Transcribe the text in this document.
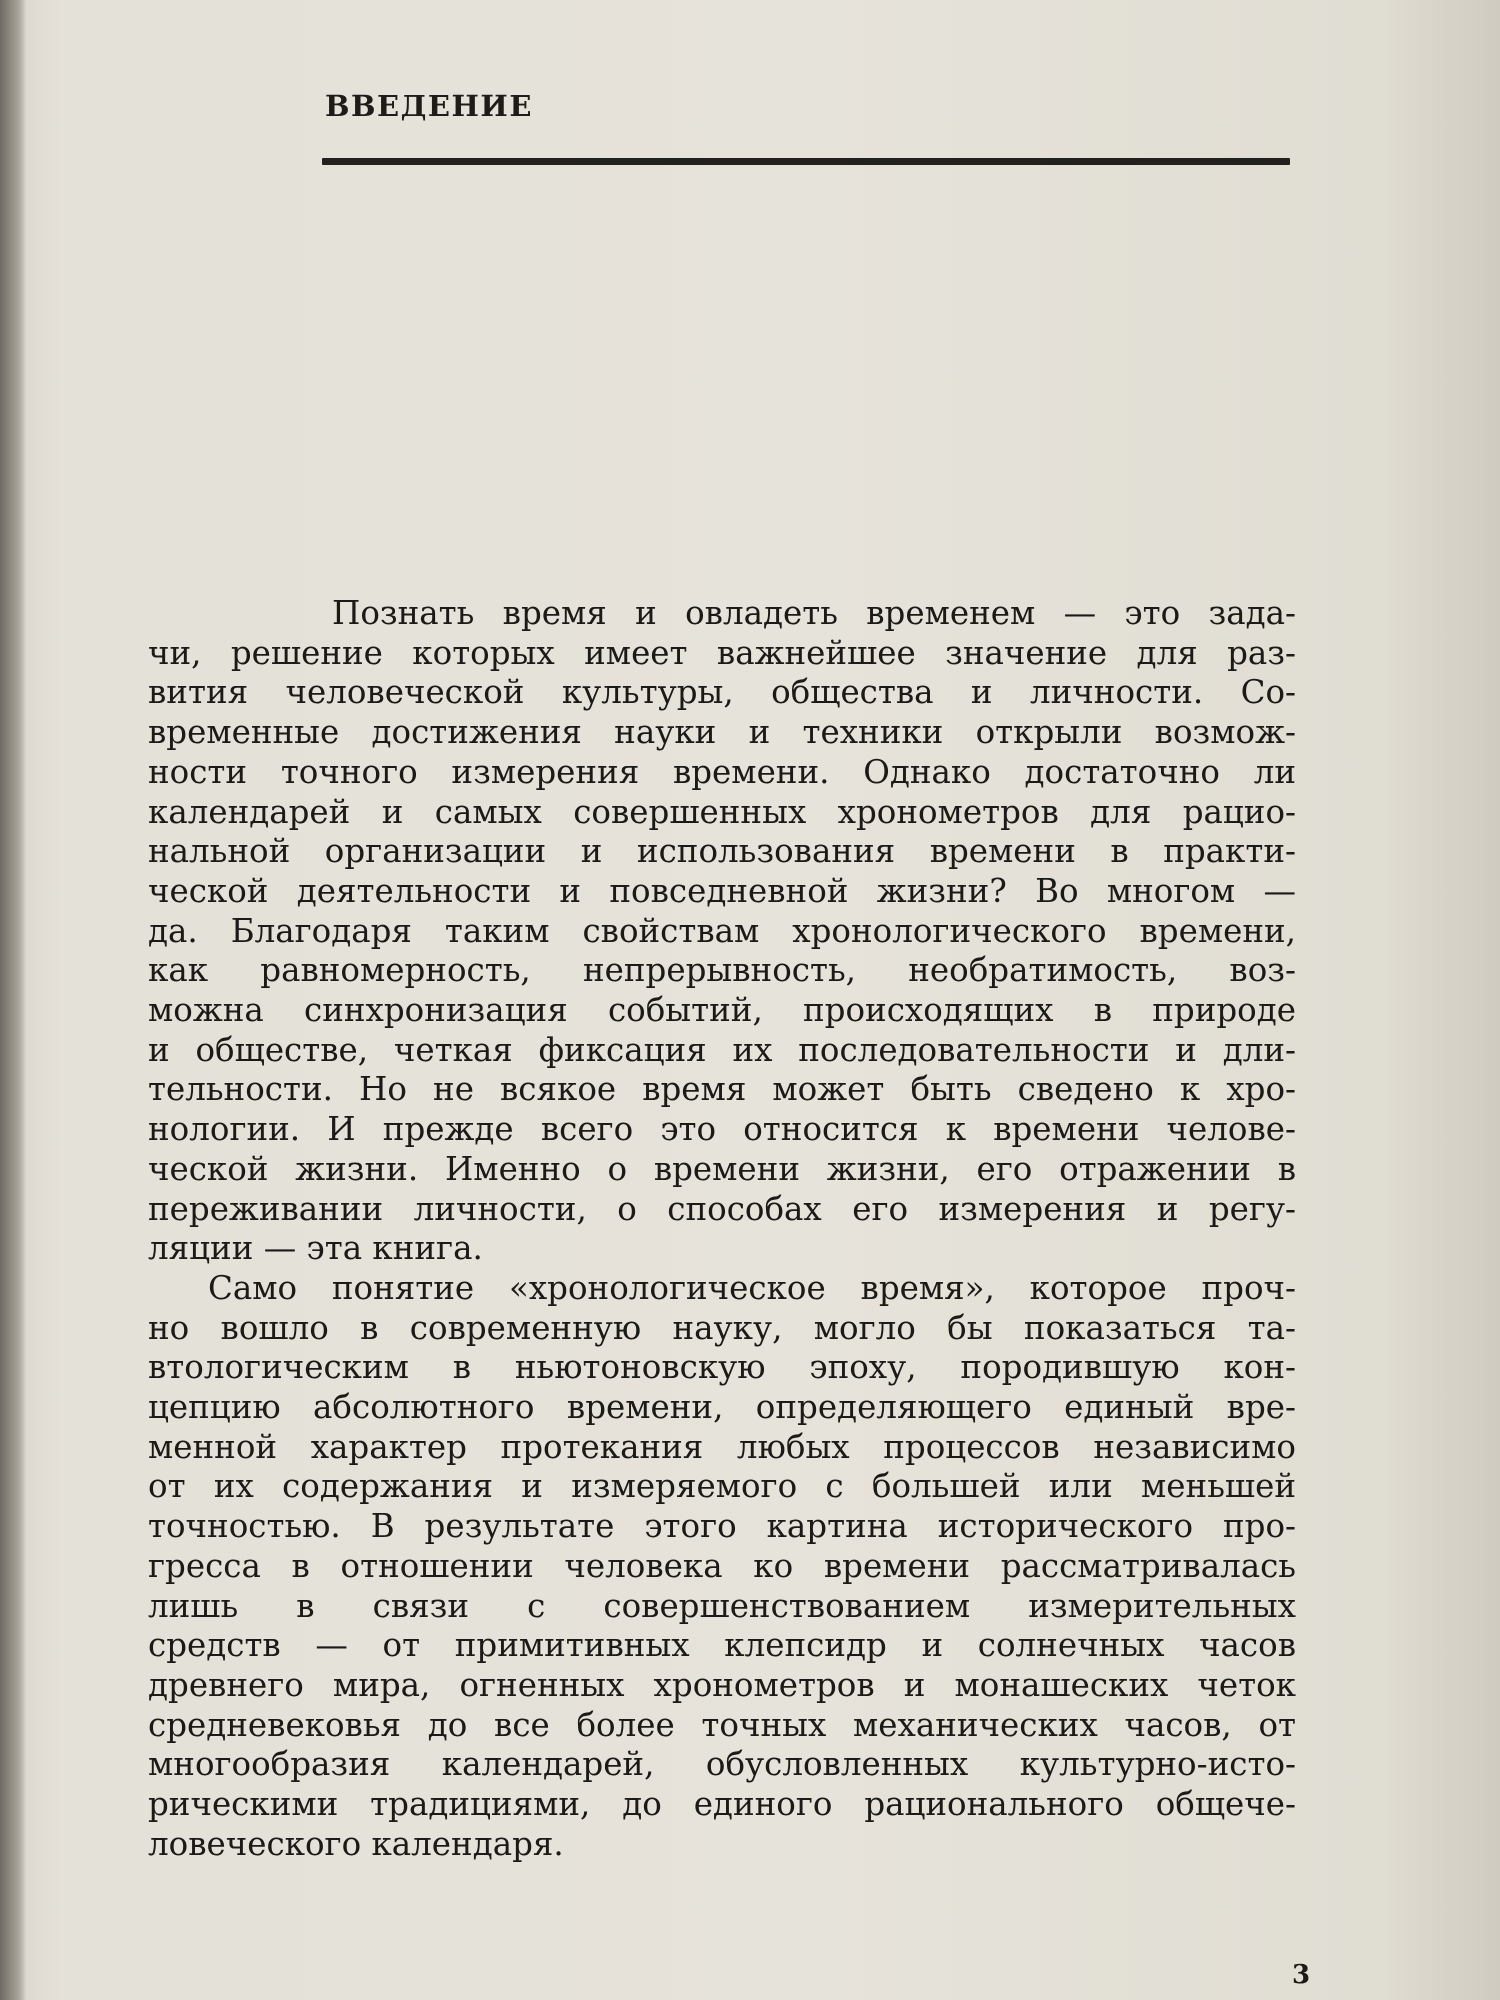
ВВЕДЕНИЕ
Познать время и овладеть временем — это зада-
чи, решение которых имеет важнейшее значение для раз-
вития человеческой культуры, общества и личности. Со-
временные достижения науки и техники открыли возмож-
ности точного измерения времени. Однако достаточно ли
календарей и самых совершенных хронометров для рацио-
нальной организации и использования времени в практи-
ческой деятельности и повседневной жизни? Во многом —
да. Благодаря таким свойствам хронологического времени,
как равномерность, непрерывность, необратимость, воз-
можна синхронизация событий, происходящих в природе
и обществе, четкая фиксация их последовательности и дли-
тельности. Но не всякое время может быть сведено к хро-
нологии. И прежде всего это относится к времени челове-
ческой жизни. Именно о времени жизни, его отражении в
переживании личности, о способах его измерения и регу-
ляции — эта книга.
Само понятие «хронологическое время», которое проч-
но вошло в современную науку, могло бы показаться та-
втологическим в ньютоновскую эпоху, породившую кон-
цепцию абсолютного времени, определяющего единый вре-
менной характер протекания любых процессов независимо
от их содержания и измеряемого с большей или меньшей
точностью. В результате этого картина исторического про-
гресса в отношении человека ко времени рассматривалась
лишь в связи с совершенствованием измерительных
средств — от примитивных клепсидр и солнечных часов
древнего мира, огненных хронометров и монашеских четок
средневековья до все более точных механических часов, от
многообразия календарей, обусловленных культурно-исто-
рическими традициями, до единого рационального общече-
ловеческого календаря.
3
